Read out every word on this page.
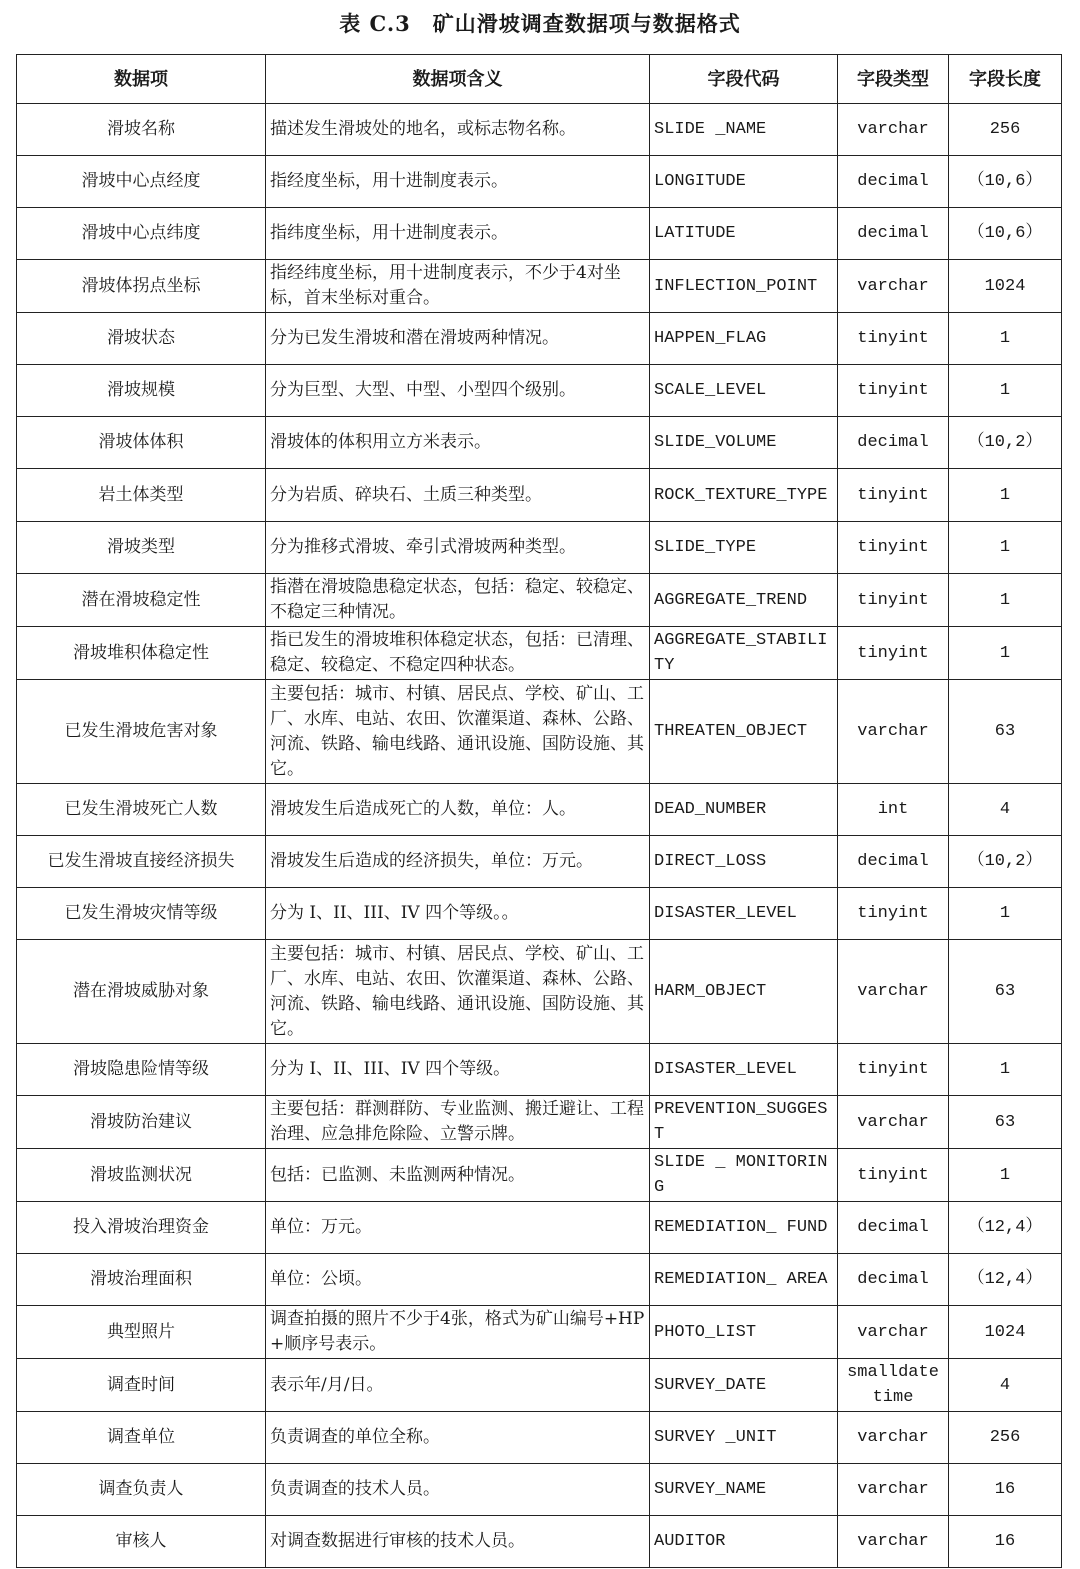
表 C.3　矿山滑坡调查数据项与数据格式
数据项	数据项含义	字段代码	字段类型	字段长度
滑坡名称	描述发生滑坡处的地名，或标志物名称。	SLIDE _NAME	varchar	256
滑坡中心点经度	指经度坐标，用十进制度表示。	LONGITUDE	decimal	（10,6）
滑坡中心点纬度	指纬度坐标，用十进制度表示。	LATITUDE	decimal	（10,6）
滑坡体拐点坐标	指经纬度坐标，用十进制度表示，不少于4对坐标，首末坐标对重合。	INFLECTION_POINT	varchar	1024
滑坡状态	分为已发生滑坡和潜在滑坡两种情况。	HAPPEN_FLAG	tinyint	1
滑坡规模	分为巨型、大型、中型、小型四个级别。	SCALE_LEVEL	tinyint	1
滑坡体体积	滑坡体的体积用立方米表示。	SLIDE_VOLUME	decimal	（10,2）
岩土体类型	分为岩质、碎块石、土质三种类型。	ROCK_TEXTURE_TYPE	tinyint	1
滑坡类型	分为推移式滑坡、牵引式滑坡两种类型。	SLIDE_TYPE	tinyint	1
潜在滑坡稳定性	指潜在滑坡隐患稳定状态，包括：稳定、较稳定、不稳定三种情况。	AGGREGATE_TREND	tinyint	1
滑坡堆积体稳定性	指已发生的滑坡堆积体稳定状态，包括：已清理、稳定、较稳定、不稳定四种状态。	AGGREGATE_STABILITY	tinyint	1
已发生滑坡危害对象	主要包括：城市、村镇、居民点、学校、矿山、工厂、水库、电站、农田、饮灌渠道、森林、公路、河流、铁路、输电线路、通讯设施、国防设施、其它。	THREATEN_OBJECT	varchar	63
已发生滑坡死亡人数	滑坡发生后造成死亡的人数，单位：人。	DEAD_NUMBER	int	4
已发生滑坡直接经济损失	滑坡发生后造成的经济损失，单位：万元。	DIRECT_LOSS	decimal	（10,2）
已发生滑坡灾情等级	分为 I、II、III、IV 四个等级。。	DISASTER_LEVEL	tinyint	1
潜在滑坡威胁对象	主要包括：城市、村镇、居民点、学校、矿山、工厂、水库、电站、农田、饮灌渠道、森林、公路、河流、铁路、输电线路、通讯设施、国防设施、其它。	HARM_OBJECT	varchar	63
滑坡隐患险情等级	分为 I、II、III、IV 四个等级。	DISASTER_LEVEL	tinyint	1
滑坡防治建议	主要包括：群测群防、专业监测、搬迁避让、工程治理、应急排危除险、立警示牌。	PREVENTION_SUGGEST	varchar	63
滑坡监测状况	包括：已监测、未监测两种情况。	SLIDE _ MONITORING	tinyint	1
投入滑坡治理资金	单位：万元。	REMEDIATION_ FUND	decimal	（12,4）
滑坡治理面积	单位：公顷。	REMEDIATION_ AREA	decimal	（12,4）
典型照片	调查拍摄的照片不少于4张，格式为矿山编号+HP+顺序号表示。	PHOTO_LIST	varchar	1024
调查时间	表示年/月/日。	SURVEY_DATE	smalldatetime	4
调查单位	负责调查的单位全称。	SURVEY _UNIT	varchar	256
调查负责人	负责调查的技术人员。	SURVEY_NAME	varchar	16
审核人	对调查数据进行审核的技术人员。	AUDITOR	varchar	16
